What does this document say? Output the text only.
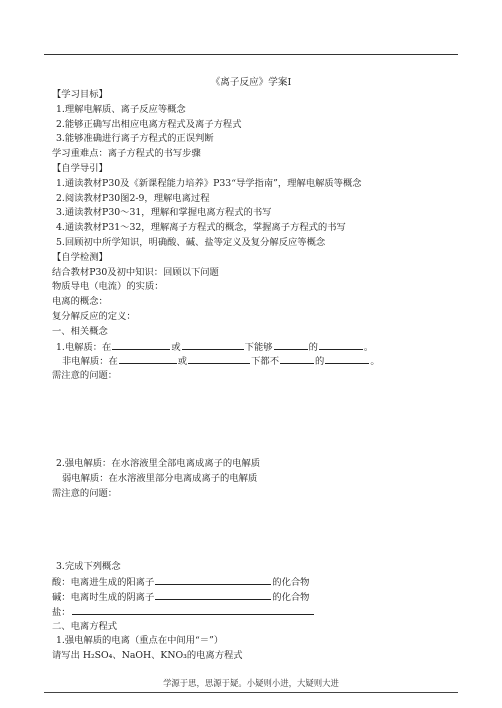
《离子反应》学案Ⅰ
【学习目标】
1.理解电解质、离子反应等概念
2.能够正确写出相应电离方程式及离子方程式
3.能够准确进行离子方程式的正误判断
学习重难点：离子方程式的书写步骤
【自学导引】
1.通读教材P30及《新课程能力培养》P33“导学指南”，理解电解质等概念
2.阅读教材P30图2-9，理解电离过程
3.通读教材P30～31，理解和掌握电离方程式的书写
4.通读教材P31～32，理解离子方程式的概念，掌握离子方程式的书写
5.回顾初中所学知识，明确酸、碱、盐等定义及复分解反应等概念
【自学检测】
结合教材P30及初中知识：回顾以下问题
物质导电（电流）的实质：
电离的概念：
复分解反应的定义：
一、相关概念
1.电解质：在	或	下能够	的	。
非电解质：在	或	下都不	的	。
需注意的问题：
2.强电解质：在水溶液里全部电离成离子的电解质
弱电解质：在水溶液里部分电离成离子的电解质
需注意的问题：
3.完成下列概念
酸：电离进生成的阳离子	的化合物
碱：电离时生成的阴离子	的化合物
盐：
二、电离方程式
1.强电解质的电离（重点在中间用“＝”）
请写出 H₂SO₄、NaOH、KNO₃的电离方程式
学源于思，思源于疑。小疑则小进，大疑则大进
